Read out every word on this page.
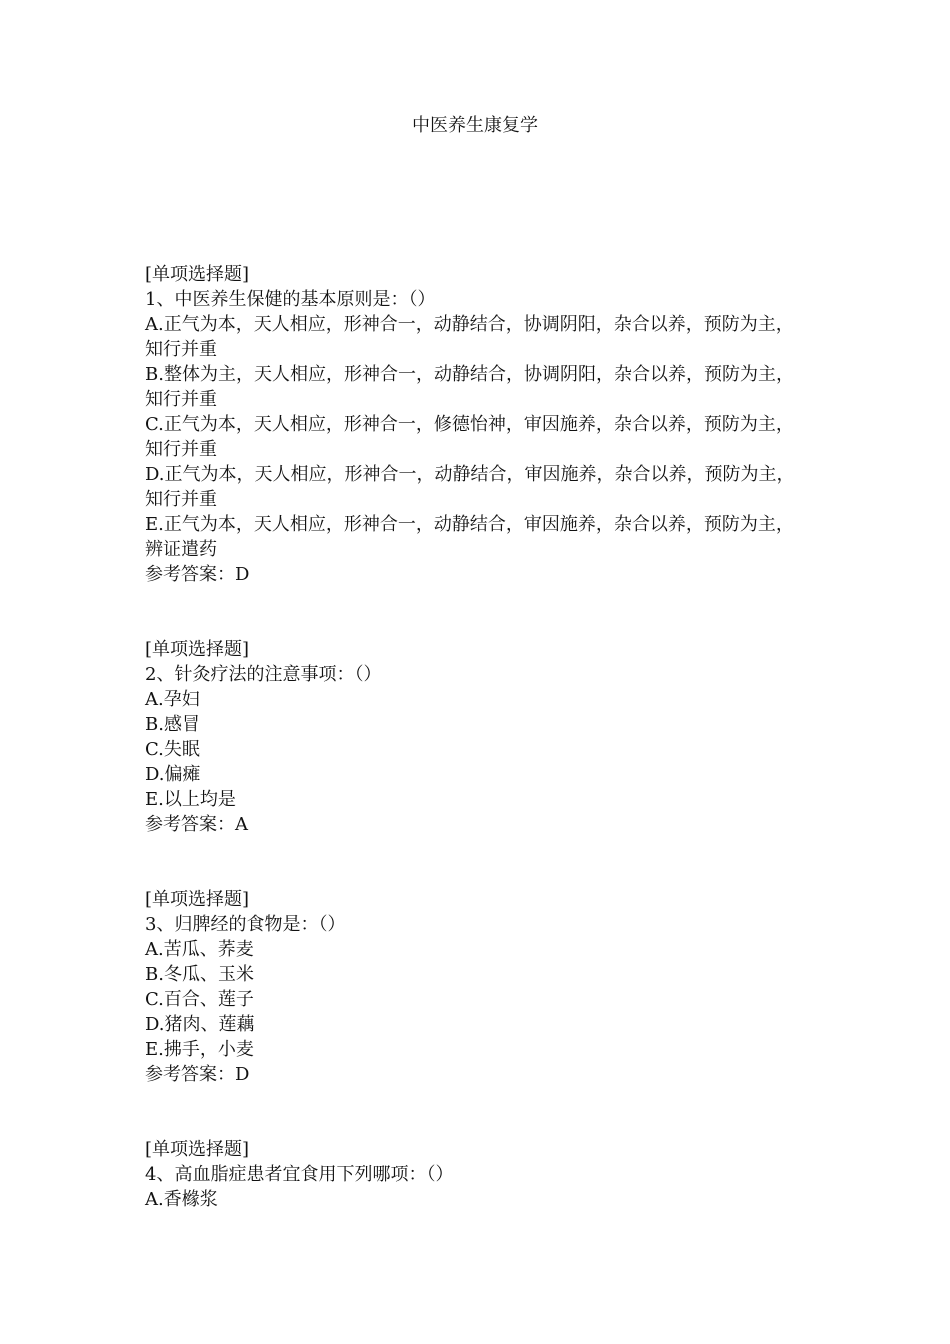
中医养生康复学
[单项选择题]
1、中医养生保健的基本原则是：（）
A.正气为本，天人相应，形神合一，动静结合，协调阴阳，杂合以养，预防为主，知行并重
B.整体为主，天人相应，形神合一，动静结合，协调阴阳，杂合以养，预防为主，知行并重
C.正气为本，天人相应，形神合一，修德怡神，审因施养，杂合以养，预防为主，知行并重
D.正气为本，天人相应，形神合一，动静结合，审因施养，杂合以养，预防为主，知行并重
E.正气为本，天人相应，形神合一，动静结合，审因施养，杂合以养，预防为主，辨证遣药
参考答案：D
[单项选择题]
2、针灸疗法的注意事项：（）
A.孕妇
B.感冒
C.失眠
D.偏瘫
E.以上均是
参考答案：A
[单项选择题]
3、归脾经的食物是：（）
A.苦瓜、荞麦
B.冬瓜、玉米
C.百合、莲子
D.猪肉、莲藕
E.拂手，小麦
参考答案：D
[单项选择题]
4、高血脂症患者宜食用下列哪项：（）
A.香橼浆
